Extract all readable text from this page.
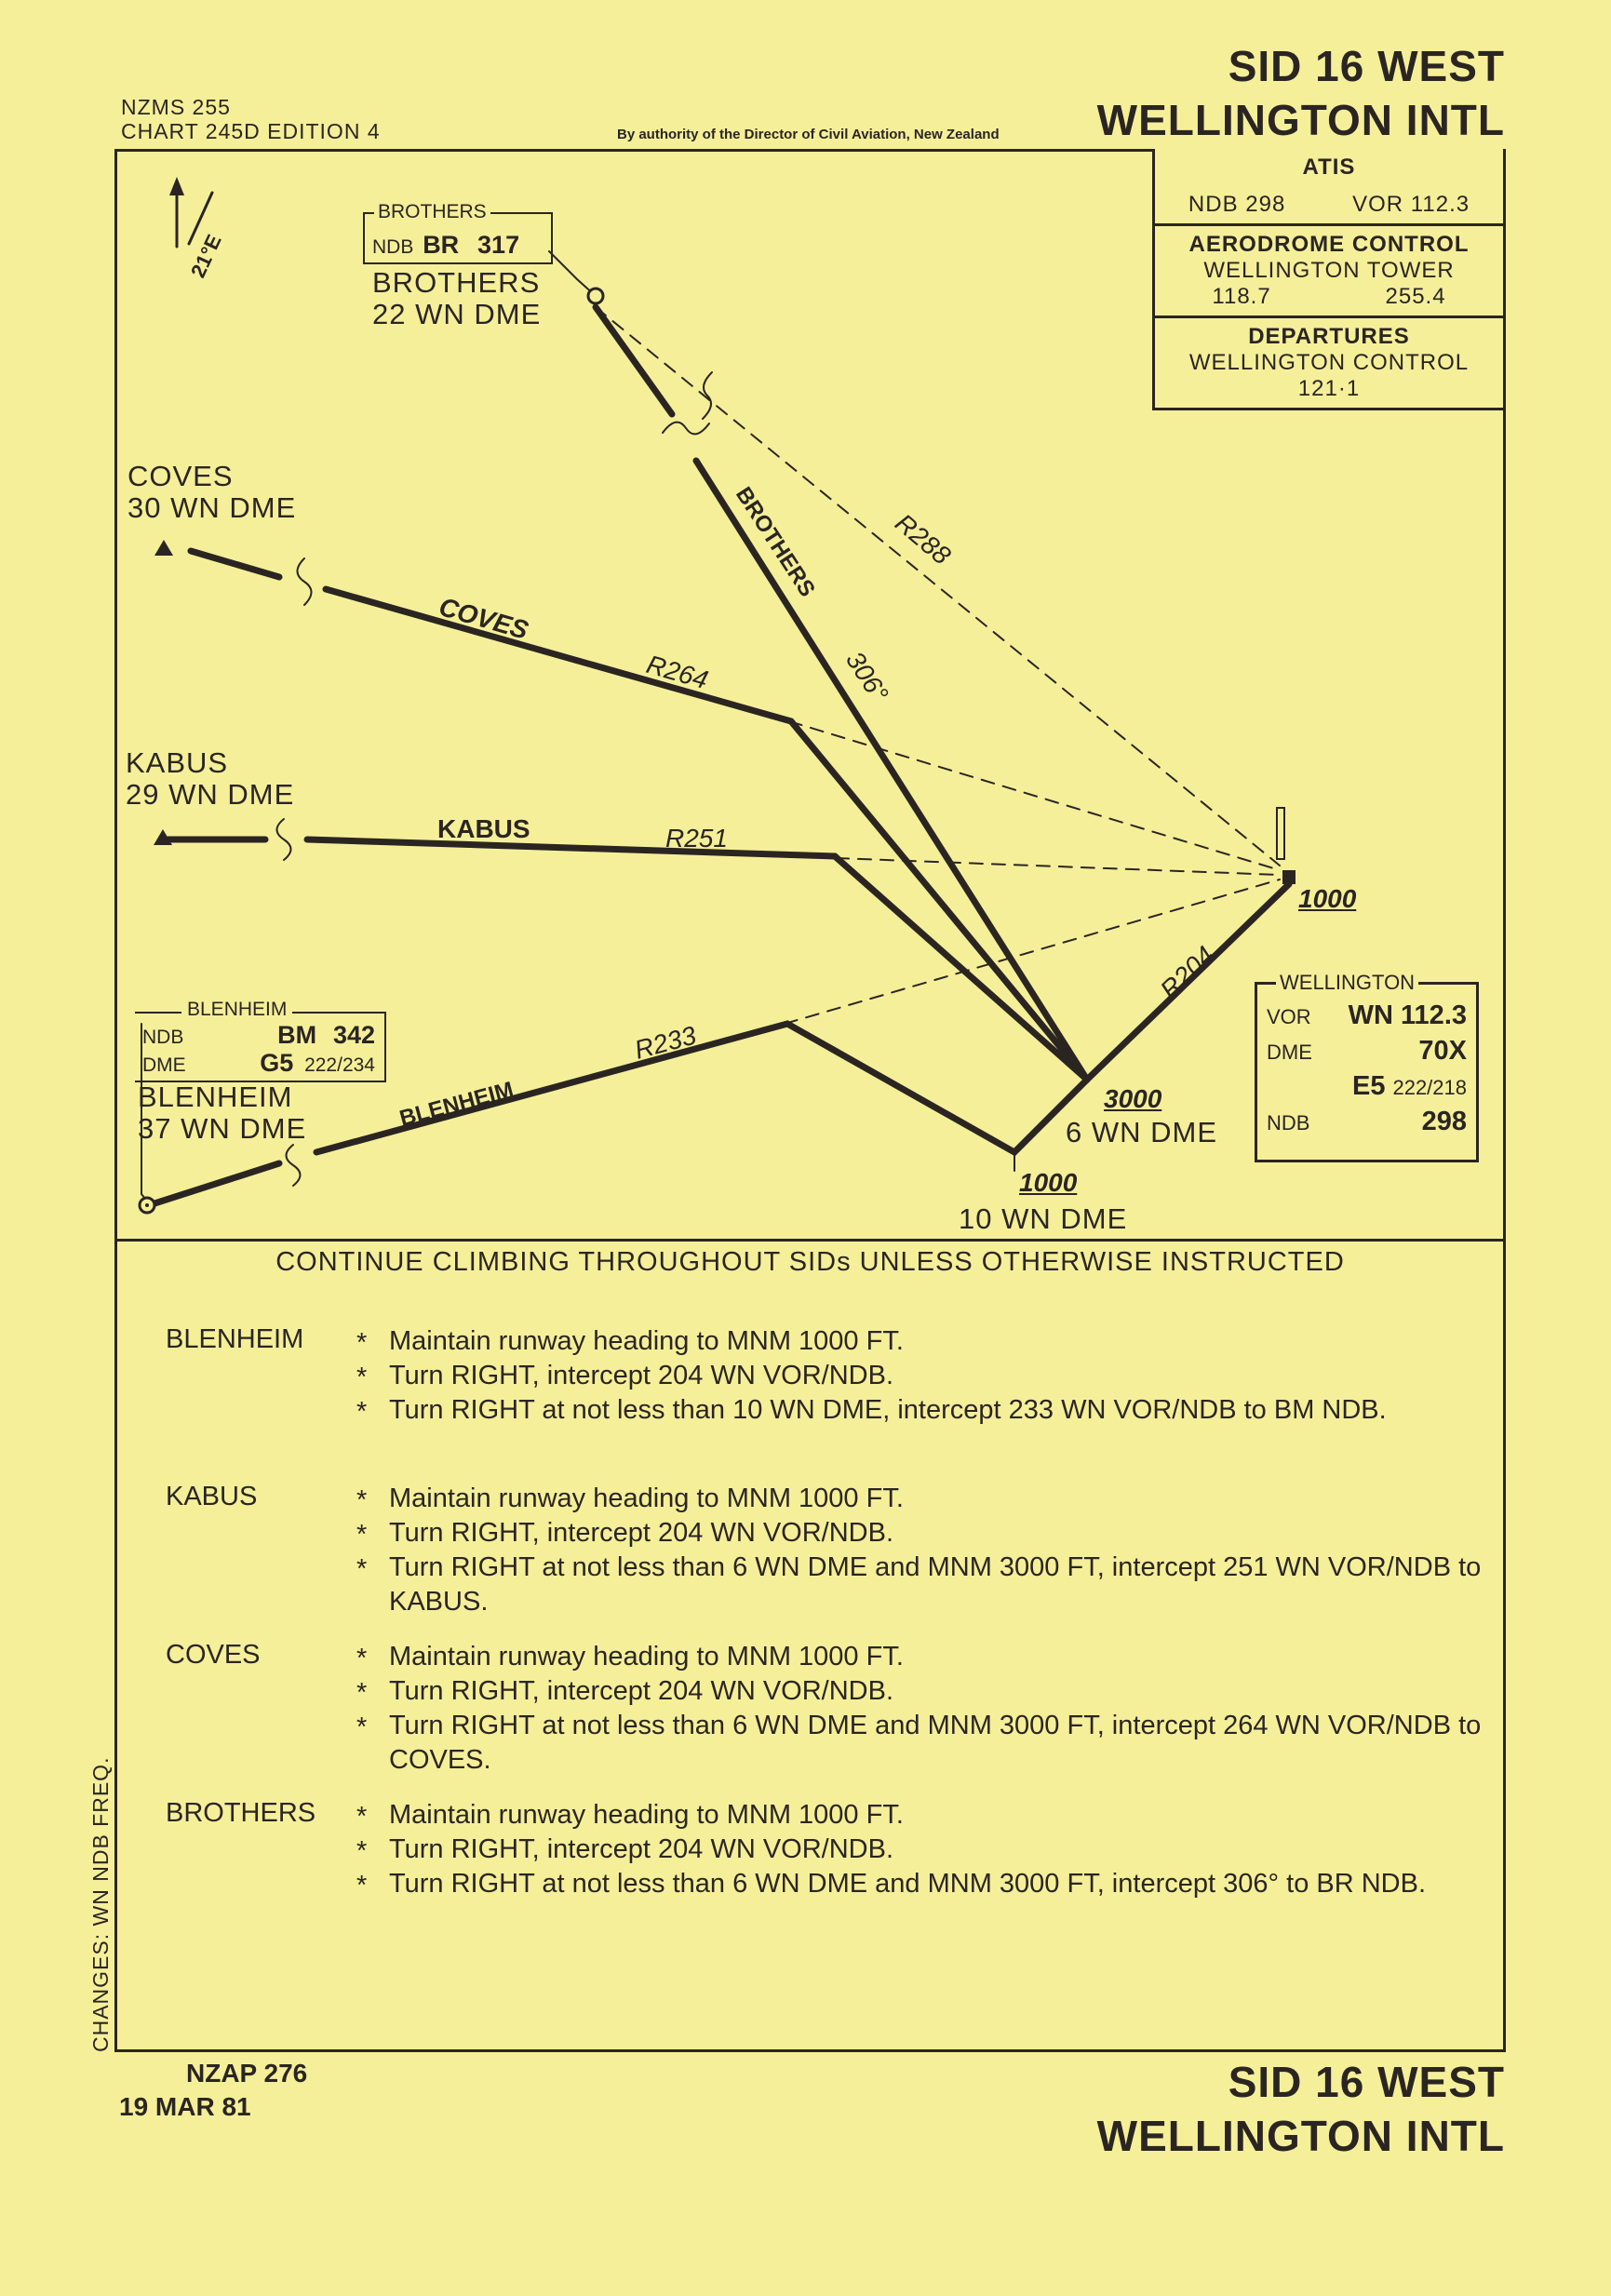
NZMS 255
CHART 245D EDITION 4	By authority of the Director of Civil Aviation, New Zealand
SID 16 WEST
WELLINGTON INTL
21°E
BROTHERS
306°
R288
COVES
R264
KABUS	R251
R204
R233
BLENHEIM
ATIS
NDB 298	VOR 112.3
AERODROME CONTROL
WELLINGTON TOWER
118.7	255.4
DEPARTURES
WELLINGTON CONTROL
121·1
BROTHERS
NDB BR 317
BROTHERS
22 WN DME
COVES
30 WN DME
KABUS
29 WN DME
BLENHEIM
NDB	BM 342
DME	G5 222/234
BLENHEIM
37 WN DME
1000
3000
6 WN DME
1000
10 WN DME
WELLINGTON
VOR WN 112.3
DME	70X
E5 222/218
NDB	298
CONTINUE CLIMBING THROUGHOUT SIDs UNLESS OTHERWISE INSTRUCTED
BLENHEIM	* Maintain runway heading to MNM 1000 FT.
* Turn RIGHT, intercept 204 WN VOR/NDB.
* Turn RIGHT at not less than 10 WN DME, intercept 233 WN VOR/NDB to BM NDB.
KABUS	* Maintain runway heading to MNM 1000 FT.
* Turn RIGHT, intercept 204 WN VOR/NDB.
* Turn RIGHT at not less than 6 WN DME and MNM 3000 FT, intercept 251 WN VOR/NDB to KABUS.
COVES	* Maintain runway heading to MNM 1000 FT.
* Turn RIGHT, intercept 204 WN VOR/NDB.
* Turn RIGHT at not less than 6 WN DME and MNM 3000 FT, intercept 264 WN VOR/NDB to COVES.
BROTHERS	* Maintain runway heading to MNM 1000 FT.
* Turn RIGHT, intercept 204 WN VOR/NDB.
* Turn RIGHT at not less than 6 WN DME and MNM 3000 FT, intercept 306° to BR NDB.
CHANGES: WN NDB FREQ.
NZAP 276
19 MAR 81
SID 16 WEST
WELLINGTON INTL
